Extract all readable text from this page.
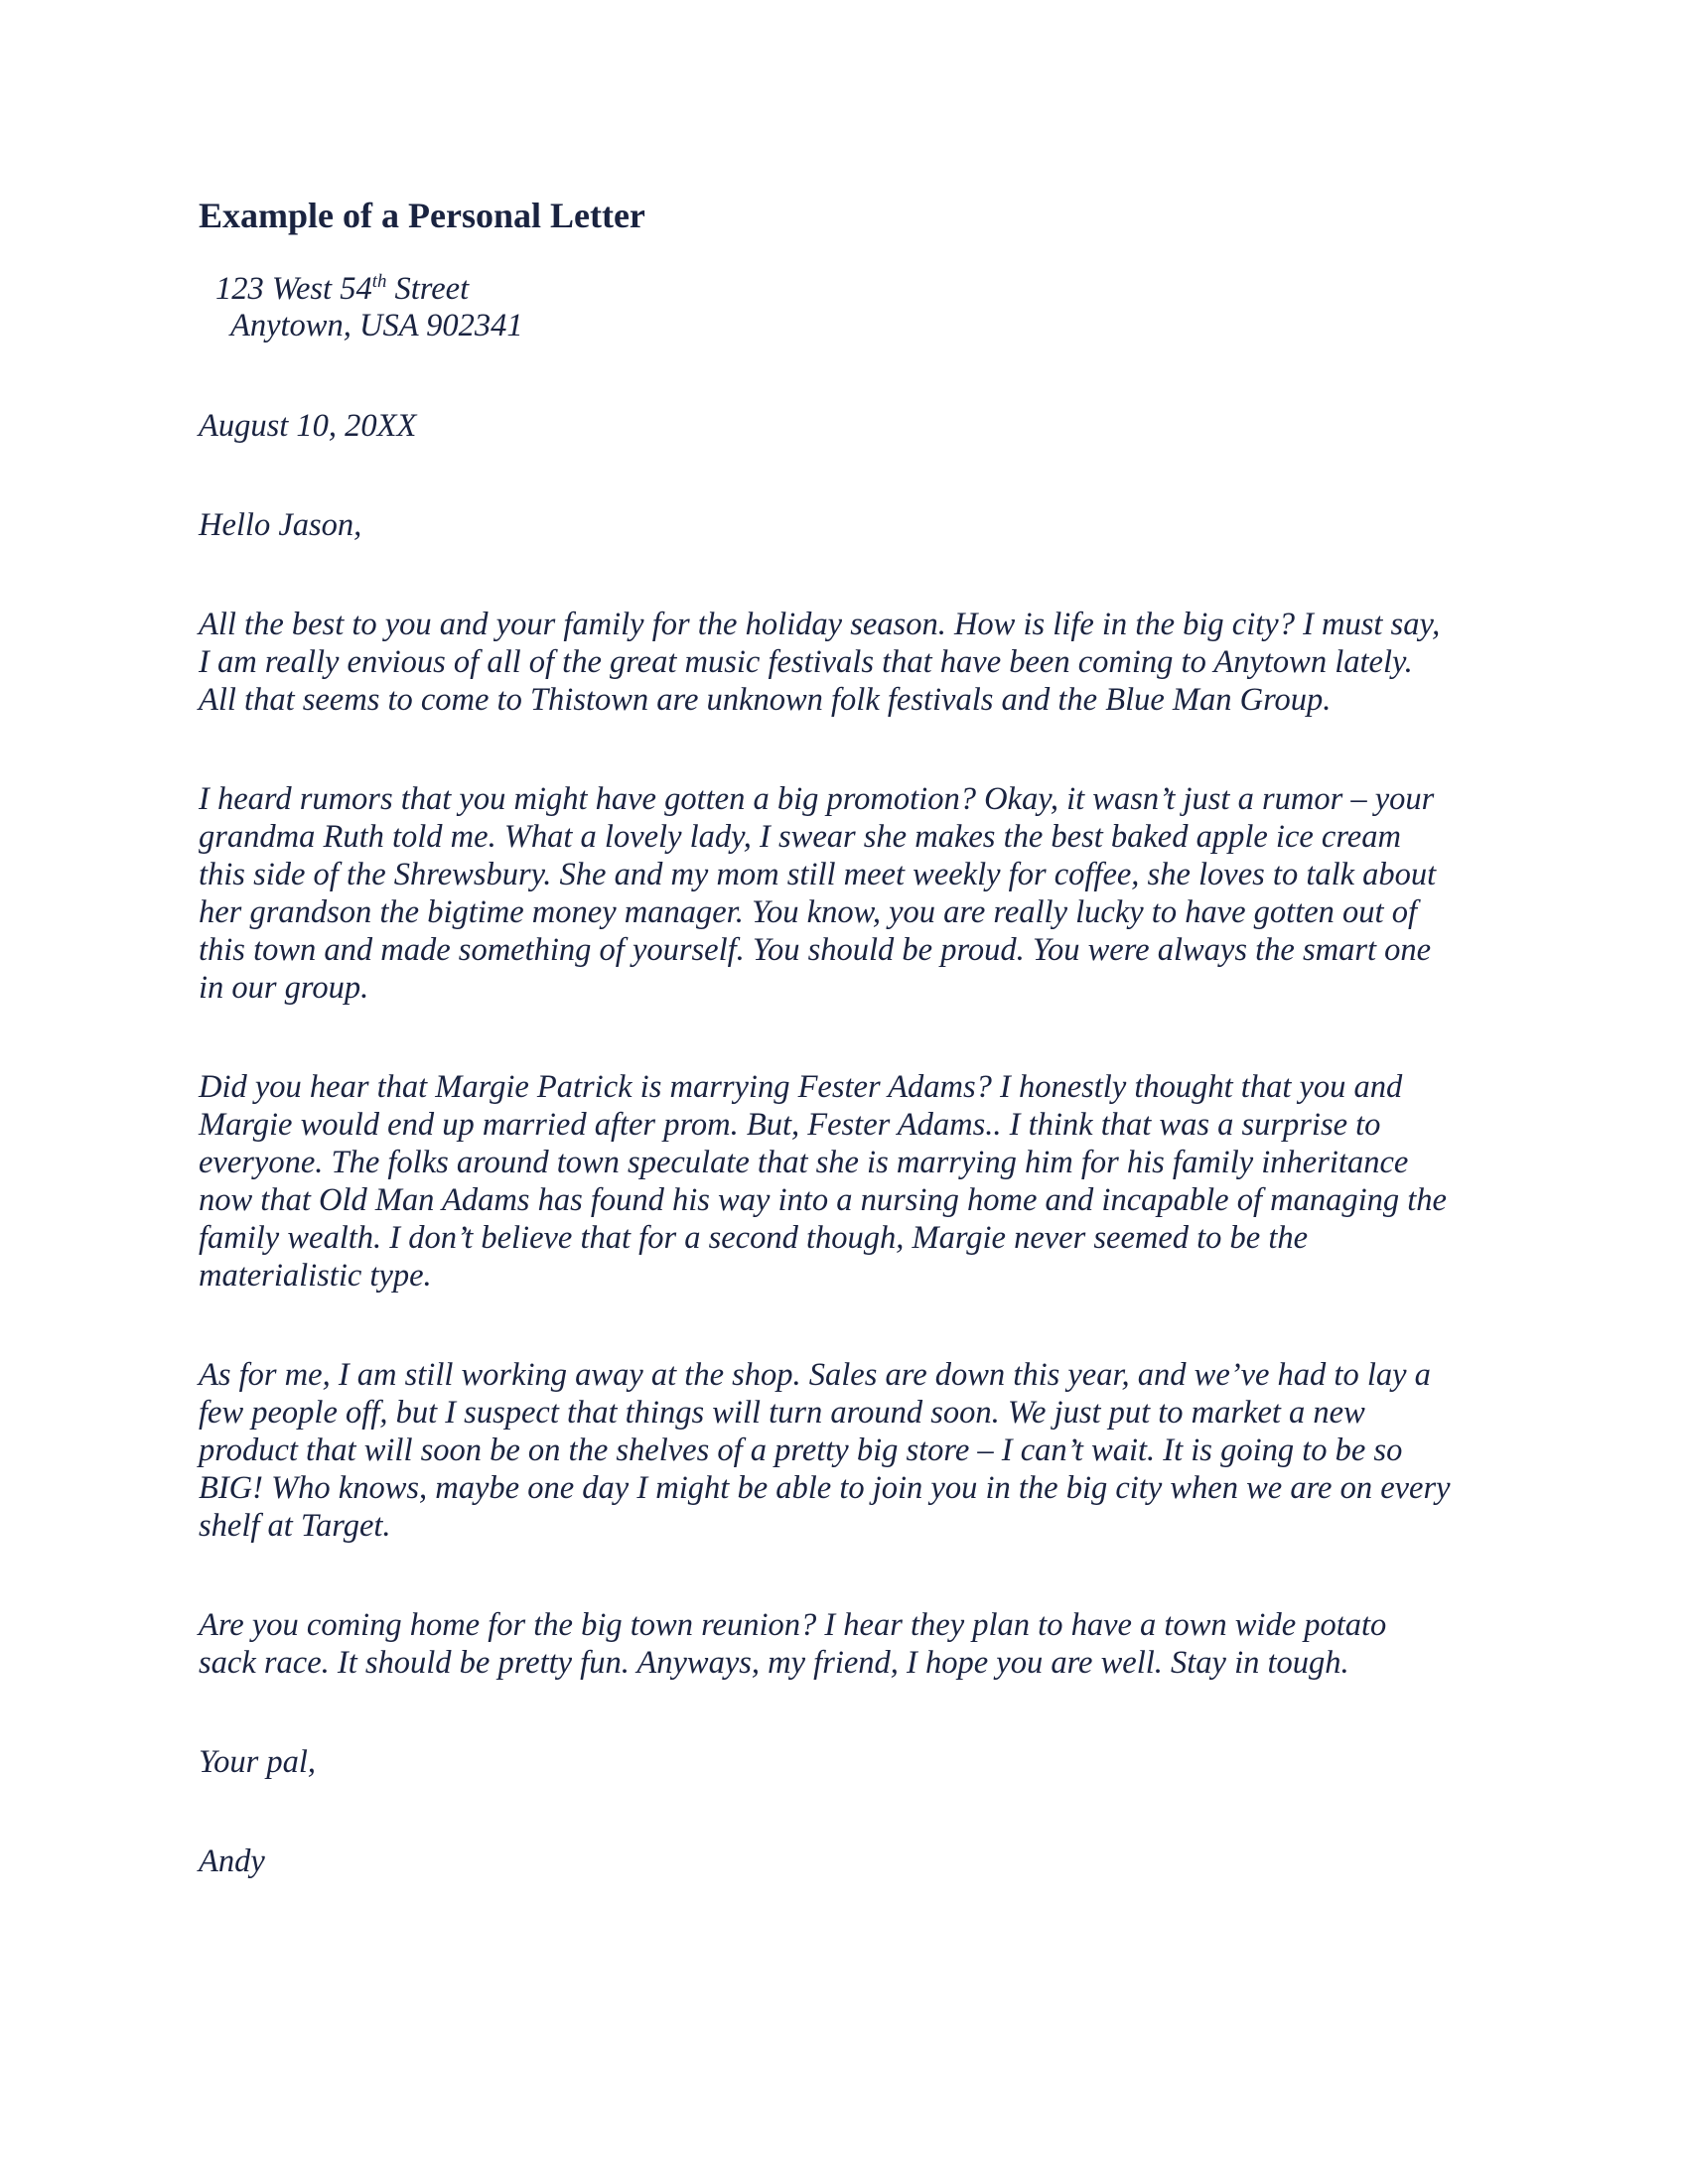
Example of a Personal Letter

123 West 54th Street

Anytown, USA 902341

August 10, 20XX

Hello Jason,

All the best to you and your family for the holiday season. How is life in the big city? I must say,
I am really envious of all of the great music festivals that have been coming to Anytown lately.
All that seems to come to Thistown are unknown folk festivals and the Blue Man Group.

I heard rumors that you might have gotten a big promotion? Okay, it wasn’t just a rumor – your
grandma Ruth told me. What a lovely lady, I swear she makes the best baked apple ice cream
this side of the Shrewsbury. She and my mom still meet weekly for coffee, she loves to talk about
her grandson the bigtime money manager. You know, you are really lucky to have gotten out of
this town and made something of yourself. You should be proud. You were always the smart one
in our group.

Did you hear that Margie Patrick is marrying Fester Adams? I honestly thought that you and
Margie would end up married after prom. But, Fester Adams.. I think that was a surprise to
everyone. The folks around town speculate that she is marrying him for his family inheritance
now that Old Man Adams has found his way into a nursing home and incapable of managing the
family wealth. I don’t believe that for a second though, Margie never seemed to be the
materialistic type.

As for me, I am still working away at the shop. Sales are down this year, and we’ve had to lay a
few people off, but I suspect that things will turn around soon. We just put to market a new
product that will soon be on the shelves of a pretty big store – I can’t wait. It is going to be so
BIG! Who knows, maybe one day I might be able to join you in the big city when we are on every
shelf at Target.

Are you coming home for the big town reunion? I hear they plan to have a town wide potato
sack race. It should be pretty fun. Anyways, my friend, I hope you are well. Stay in tough.

Your pal,

Andy
